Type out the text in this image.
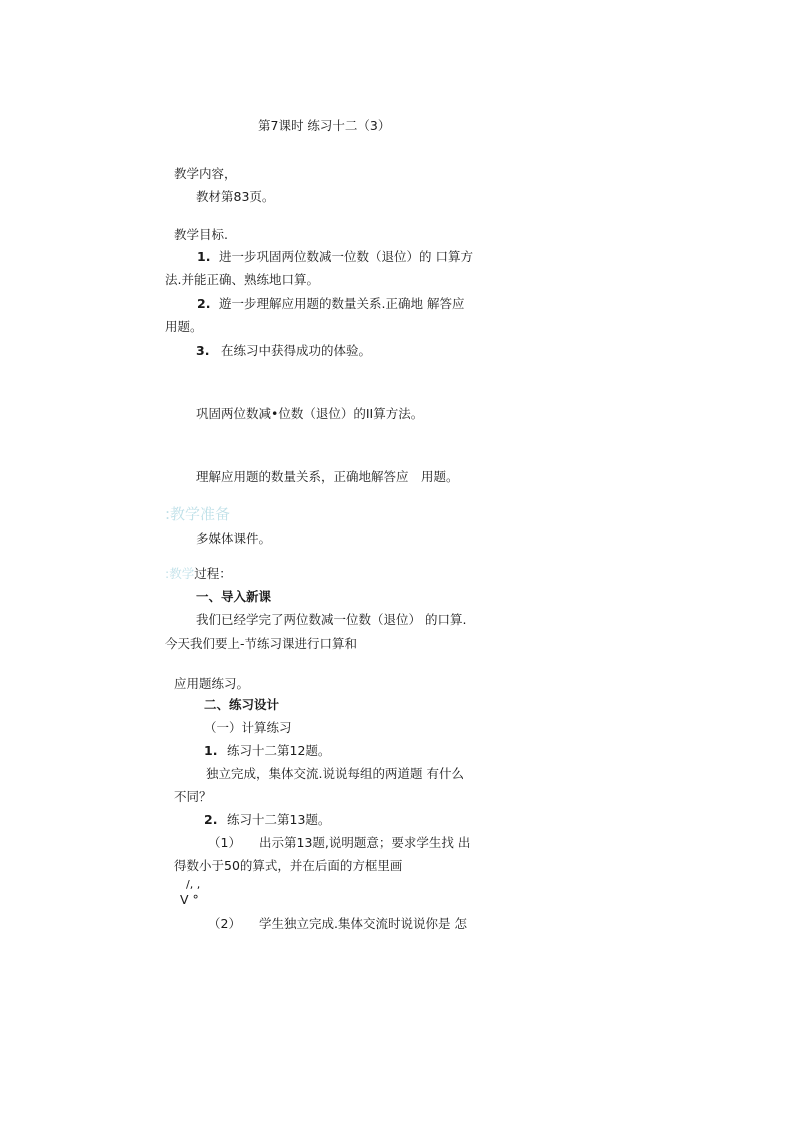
第7课时 练习十二（3）
教学内容，
教材第83页。
教学目标.
1. 进一步巩固两位数减一位数（退位）的 口算方
法.并能正确、熟练地口算。
2. 遊一步理解应用题的数量关系.正确地 解答应
用题。
3. 在练习中获得成功的体验。
巩固两位数减•位数（退位）的II算方法。
理解应用题的数量关系，正确地解答应　用题。
:教学准备
多媒体课件。
:教学过程：
一、导入新课
我们已经学完了两位数减一位数（退位） 的口算.
今天我们要上-节练习课进行口算和
应用题练习。
二、练习设计
（一）计算练习
1. 练习十二第12题。
独立完成，集体交流.说说每组的两道题 有什么
不同？
2. 练习十二第13题。
（1） 出示第13题,说明题意；要求学生找 出
得数小于50的算式，并在后面的方框里画
/, ,
V °
（2） 学生独立完成.集体交流时说说你是 怎
